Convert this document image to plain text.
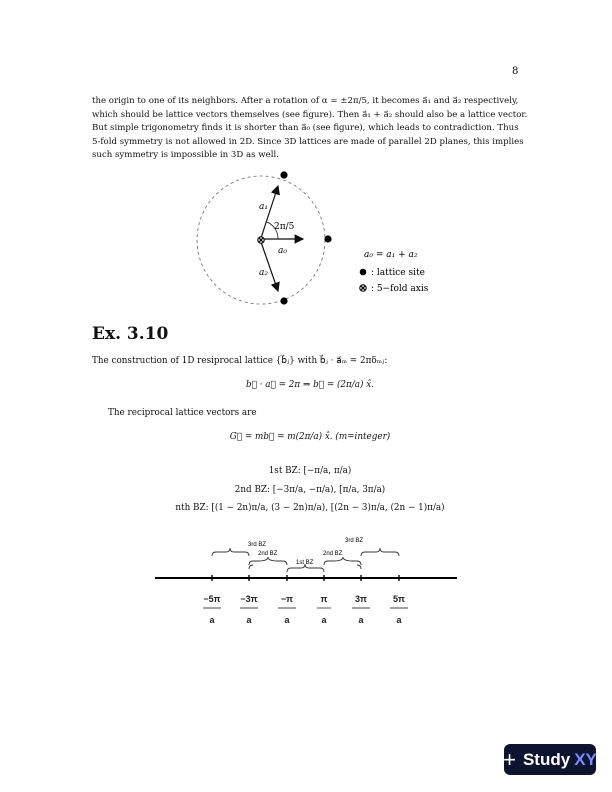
8
the origin to one of its neighbors. After a rotation of α = ±2π/5, it becomes a⃗₁ and a⃗₂ respectively,
which should be lattice vectors themselves (see figure). Then a⃗₁ + a⃗₂ should also be a lattice vector.
But simple trigonometry finds it is shorter than a⃗₀ (see figure), which leads to contradiction. Thus
5-fold symmetry is not allowed in 2D. Since 3D lattices are made of parallel 2D planes, this implies
such symmetry is impossible in 3D as well.
a₁
a₂
a₀
2π/5
a₀ = a₁ + a₂
: lattice site
: 5−fold axis
Ex. 3.10
The construction of 1D resiprocal lattice {b⃗ⱼ} with b⃗ⱼ · a⃗ₘ = 2πδₘⱼ:
b⃗ · a⃗ = 2π ⇒ b⃗ = (2π/a) x̂.
The reciprocal lattice vectors are
G⃗ = mb⃗ = m(2π/a) x̂. (m=integer)
1st BZ: [−π/a, π/a)
2nd BZ: [−3π/a, −π/a), [π/a, 3π/a)
nth BZ: [(1 − 2n)π/a, (3 − 2n)π/a), [(2n − 3)π/a, (2n − 1)π/a)
1st BZ
2nd BZ	2nd BZ
3rd BZ
3rd BZ
−5π −3π	−π	π	3π	5π
a	a	a	a	a	a
+ Study XY
